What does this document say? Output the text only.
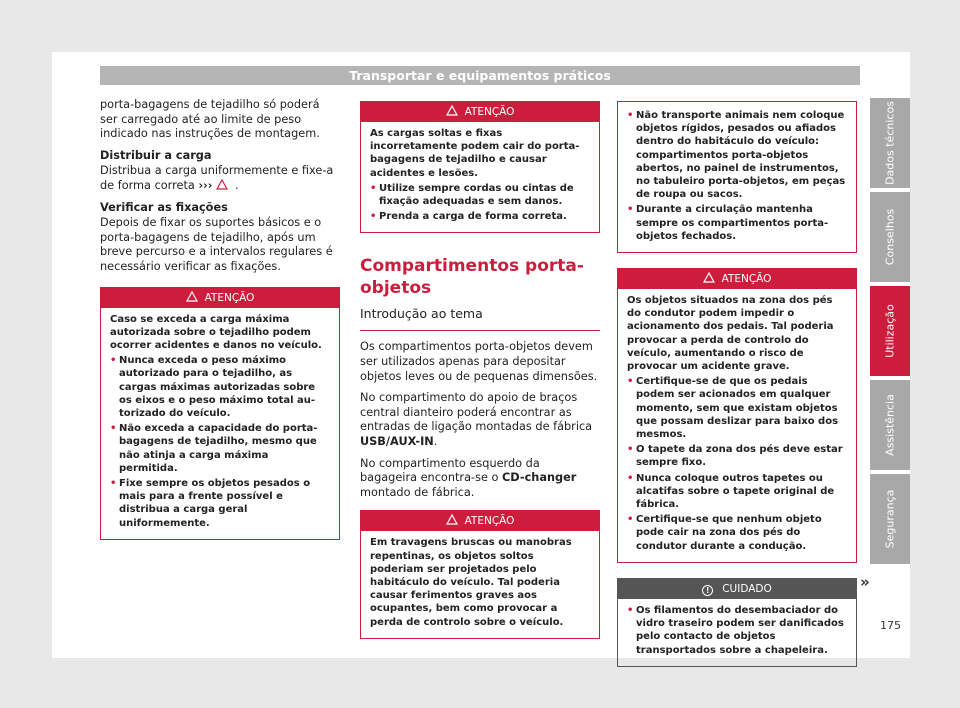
Transportar e equipamentos práticos

porta-bagagens de tejadilho só poderá ser carregado até ao limite de peso indicado nas instruções de montagem.

Distribuir a carga

Distribua a carga uniformemente e fixe-a de forma correta ››› .

Verificar as fixações

Depois de fixar os suportes básicos e o porta-bagagens de tejadilho, após um breve percurso e a intervalos regulares é necessário verificar as fixações.

ATENÇÃO

Caso se exceda a carga máxima autorizada sobre o tejadilho podem ocorrer acidentes e danos no veículo.

• Nunca exceda o peso máximo autorizado para o tejadilho, as cargas máximas autorizadas sobre os eixos e o peso máximo total autorizado do veículo.
• Não exceda a capacidade do porta-bagagens de tejadilho, mesmo que não atinja a carga máxima permitida.
• Fixe sempre os objetos pesados o mais para a frente possível e distribua a carga geral uniformemente.
ATENÇÃO

As cargas soltas e fixas incorretamente podem cair do porta-bagagens de tejadilho e causar acidentes e lesões.

• Utilize sempre cordas ou cintas de fixação adequadas e sem danos.
• Prenda a carga de forma correta.
Compartimentos porta-objetos
Introdução ao tema

Os compartimentos porta-objetos devem ser utilizados apenas para depositar objetos leves ou de pequenas dimensões.

No compartimento do apoio de braços central dianteiro poderá encontrar as entradas de ligação montadas de fábrica USB/AUX-IN.

No compartimento esquerdo da bagageira encontra-se o CD-changer montado de fábrica.

ATENÇÃO

Em travagens bruscas ou manobras repentinas, os objetos soltos poderiam ser projetados pelo habitáculo do veículo. Tal poderia causar ferimentos graves aos ocupantes, bem como provocar a perda de controlo sobre o veículo.

• Não transporte animais nem coloque objetos rígidos, pesados ou afiados dentro do habitáculo do veículo: compartimentos porta-objetos abertos, no painel de instrumentos, no tabuleiro porta-objetos, em peças de roupa ou sacos.
• Durante a circulação mantenha sempre os compartimentos porta-objetos fechados.
ATENÇÃO

Os objetos situados na zona dos pés do condutor podem impedir o acionamento dos pedais. Tal poderia provocar a perda de controlo do veículo, aumentando o risco de provocar um acidente grave.

• Certifique-se de que os pedais podem ser acionados em qualquer momento, sem que existam objetos que possam deslizar para baixo dos mesmos.
• O tapete da zona dos pés deve estar sempre fixo.
• Nunca coloque outros tapetes ou alcatifas sobre o tapete original de fábrica.
• Certifique-se que nenhum objeto pode cair na zona dos pés do condutor durante a condução.
! CUIDADO
• Os filamentos do desembaciador do vidro traseiro podem ser danificados pelo contacto de objetos transportados sobre a chapeleira.
»
Dados técnicos
Conselhos
Utilização
Assistência
Segurança
175
